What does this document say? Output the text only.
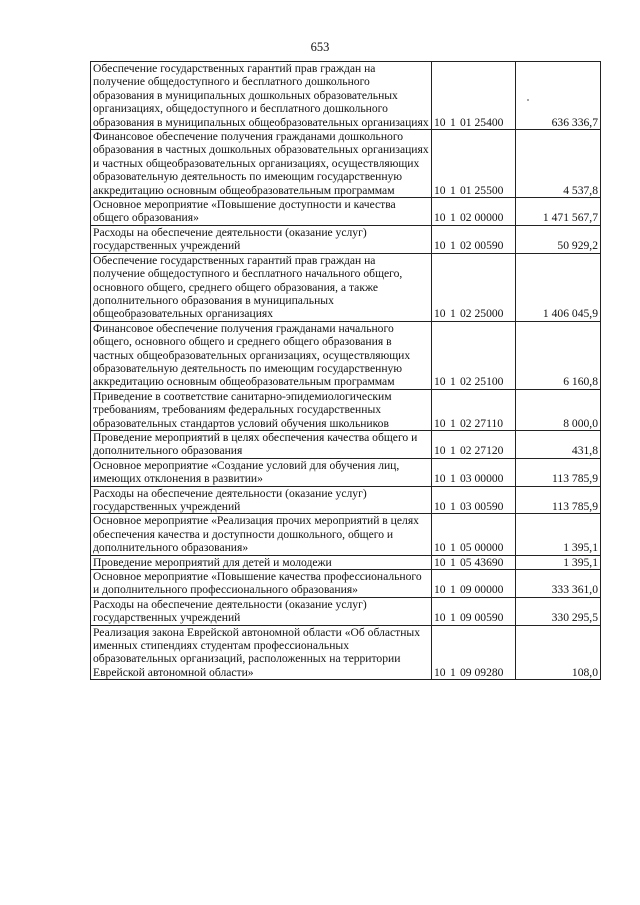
653
Обеспечение государственных гарантий прав граждан на получение общедоступного и бесплатного дошкольного образования в муниципальных дошкольных образовательных организациях, общедоступного и бесплатного дошкольного образования в муниципальных общеобразовательных организациях	10 1 01 25400	636 336,7
Финансовое обеспечение получения гражданами дошкольного образования в частных дошкольных образовательных организациях и частных общеобразовательных организациях, осуществляющих образовательную деятельность по имеющим государственную аккредитацию основным общеобразовательным программам	10 1 01 25500	4 537,8
Основное мероприятие «Повышение доступности и качества общего образования»	10 1 02 00000	1 471 567,7
Расходы на обеспечение деятельности (оказание услуг) государственных учреждений	10 1 02 00590	50 929,2
Обеспечение государственных гарантий прав граждан на получение общедоступного и бесплатного начального общего, основного общего, среднего общего образования, а также дополнительного образования в муниципальных общеобразовательных организациях	10 1 02 25000	1 406 045,9
Финансовое обеспечение получения гражданами начального общего, основного общего и среднего общего образования в частных общеобразовательных организациях, осуществляющих образовательную деятельность по имеющим государственную аккредитацию основным общеобразовательным программам	10 1 02 25100	6 160,8
Приведение в соответствие санитарно-эпидемиологическим требованиям, требованиям федеральных государственных образовательных стандартов условий обучения школьников	10 1 02 27110	8 000,0
Проведение мероприятий в целях обеспечения качества общего и дополнительного образования	10 1 02 27120	431,8
Основное мероприятие «Создание условий для обучения лиц, имеющих отклонения в развитии»	10 1 03 00000	113 785,9
Расходы на обеспечение деятельности (оказание услуг) государственных учреждений	10 1 03 00590	113 785,9
Основное мероприятие «Реализация прочих мероприятий в целях обеспечения качества и доступности дошкольного, общего и дополнительного образования»	10 1 05 00000	1 395,1
Проведение мероприятий для детей и молодежи	10 1 05 43690	1 395,1
Основное мероприятие «Повышение качества профессионального и дополнительного профессионального образования»	10 1 09 00000	333 361,0
Расходы на обеспечение деятельности (оказание услуг) государственных учреждений	10 1 09 00590	330 295,5
Реализация закона Еврейской автономной области «Об областных именных стипендиях студентам профессиональных образовательных организаций, расположенных на территории Еврейской автономной области»	10 1 09 09280	108,0
